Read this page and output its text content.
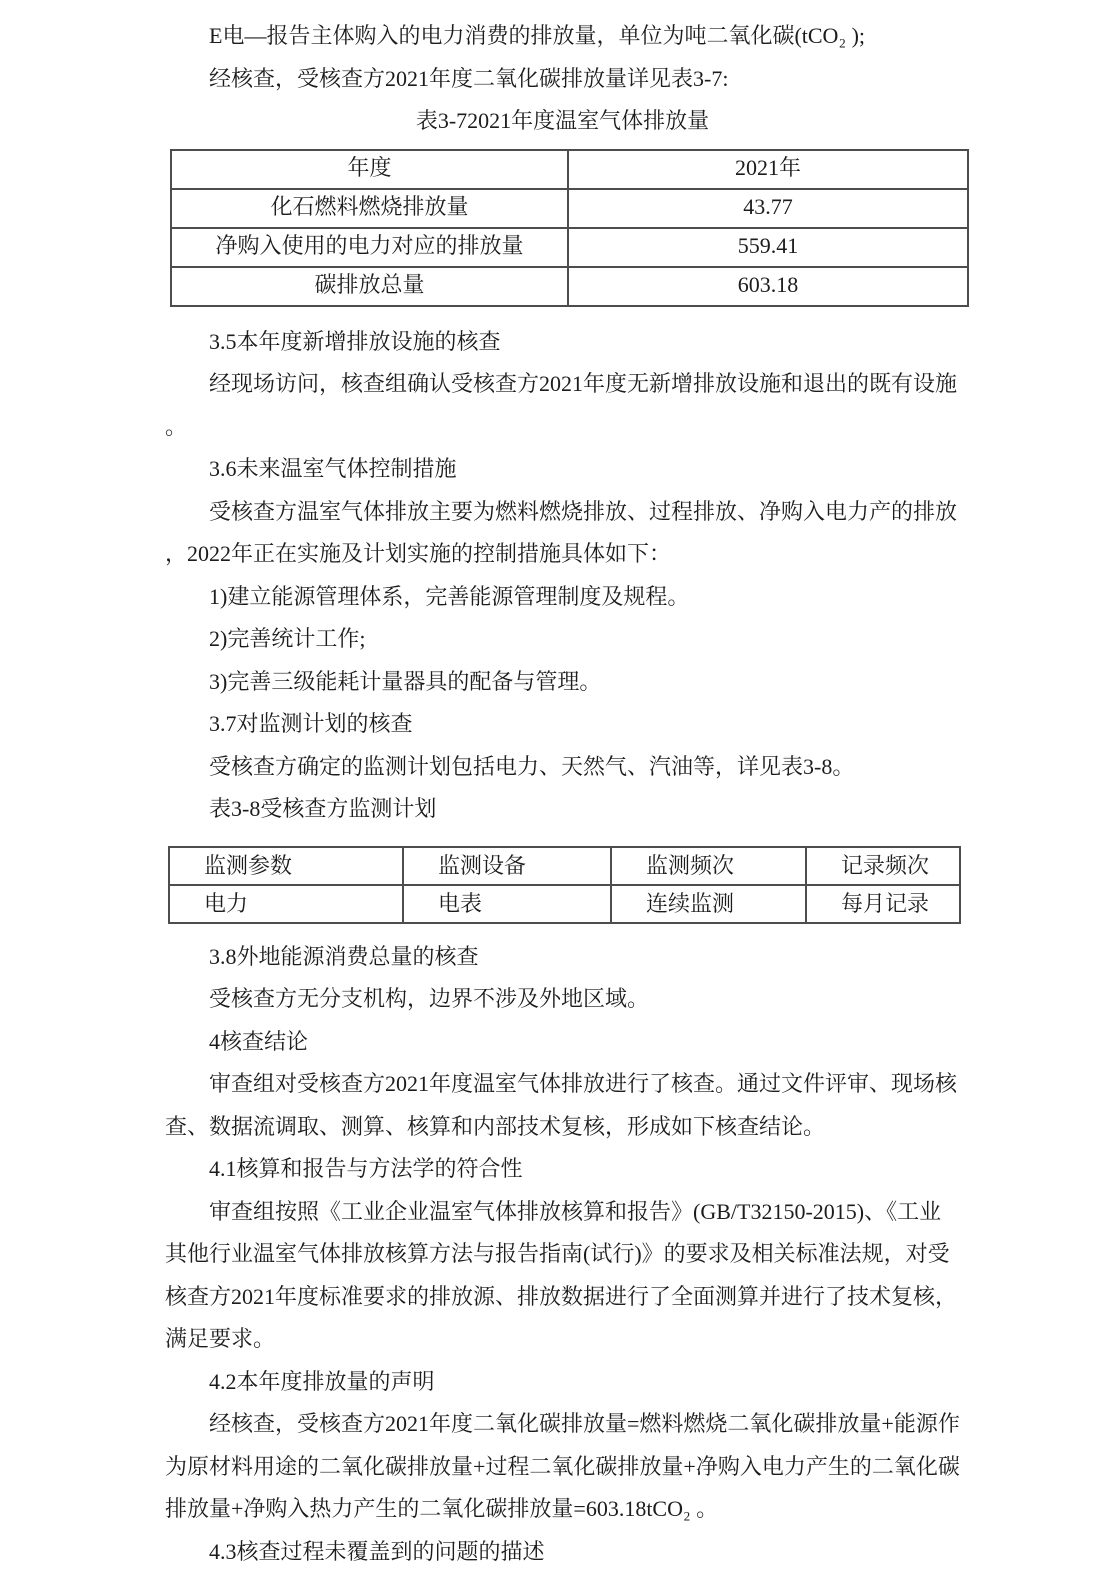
E电—报告主体购入的电力消费的排放量，单位为吨二氧化碳(tCO₂ );
经核查，受核查方2021年度二氧化碳排放量详见表3-7:
表3-72021年度温室气体排放量
年度	2021年
化石燃料燃烧排放量	43.77
净购入使用的电力对应的排放量	559.41
碳排放总量	603.18
3.5本年度新增排放设施的核查
经现场访问，核查组确认受核查方2021年度无新增排放设施和退出的既有设施
。
3.6未来温室气体控制措施
受核查方温室气体排放主要为燃料燃烧排放、过程排放、净购入电力产的排放
，2022年正在实施及计划实施的控制措施具体如下：
1)建立能源管理体系，完善能源管理制度及规程。
2)完善统计工作;
3)完善三级能耗计量器具的配备与管理。
3.7对监测计划的核查
受核查方确定的监测计划包括电力、天然气、汽油等，详见表3-8。
表3-8受核查方监测计划
监测参数	监测设备	监测频次	记录频次
电力	电表	连续监测	每月记录
3.8外地能源消费总量的核查
受核查方无分支机构，边界不涉及外地区域。
4核查结论
审查组对受核查方2021年度温室气体排放进行了核查。通过文件评审、现场核
查、数据流调取、测算、核算和内部技术复核，形成如下核查结论。
4.1核算和报告与方法学的符合性
审查组按照《工业企业温室气体排放核算和报告》(GB/T32150-2015)、《工业
其他行业温室气体排放核算方法与报告指南(试行)》的要求及相关标准法规，对受
核查方2021年度标准要求的排放源、排放数据进行了全面测算并进行了技术复核，
满足要求。
4.2本年度排放量的声明
经核查，受核查方2021年度二氧化碳排放量=燃料燃烧二氧化碳排放量+能源作
为原材料用途的二氧化碳排放量+过程二氧化碳排放量+净购入电力产生的二氧化碳
排放量+净购入热力产生的二氧化碳排放量=603.18tCO₂ 。
4.3核查过程未覆盖到的问题的描述
